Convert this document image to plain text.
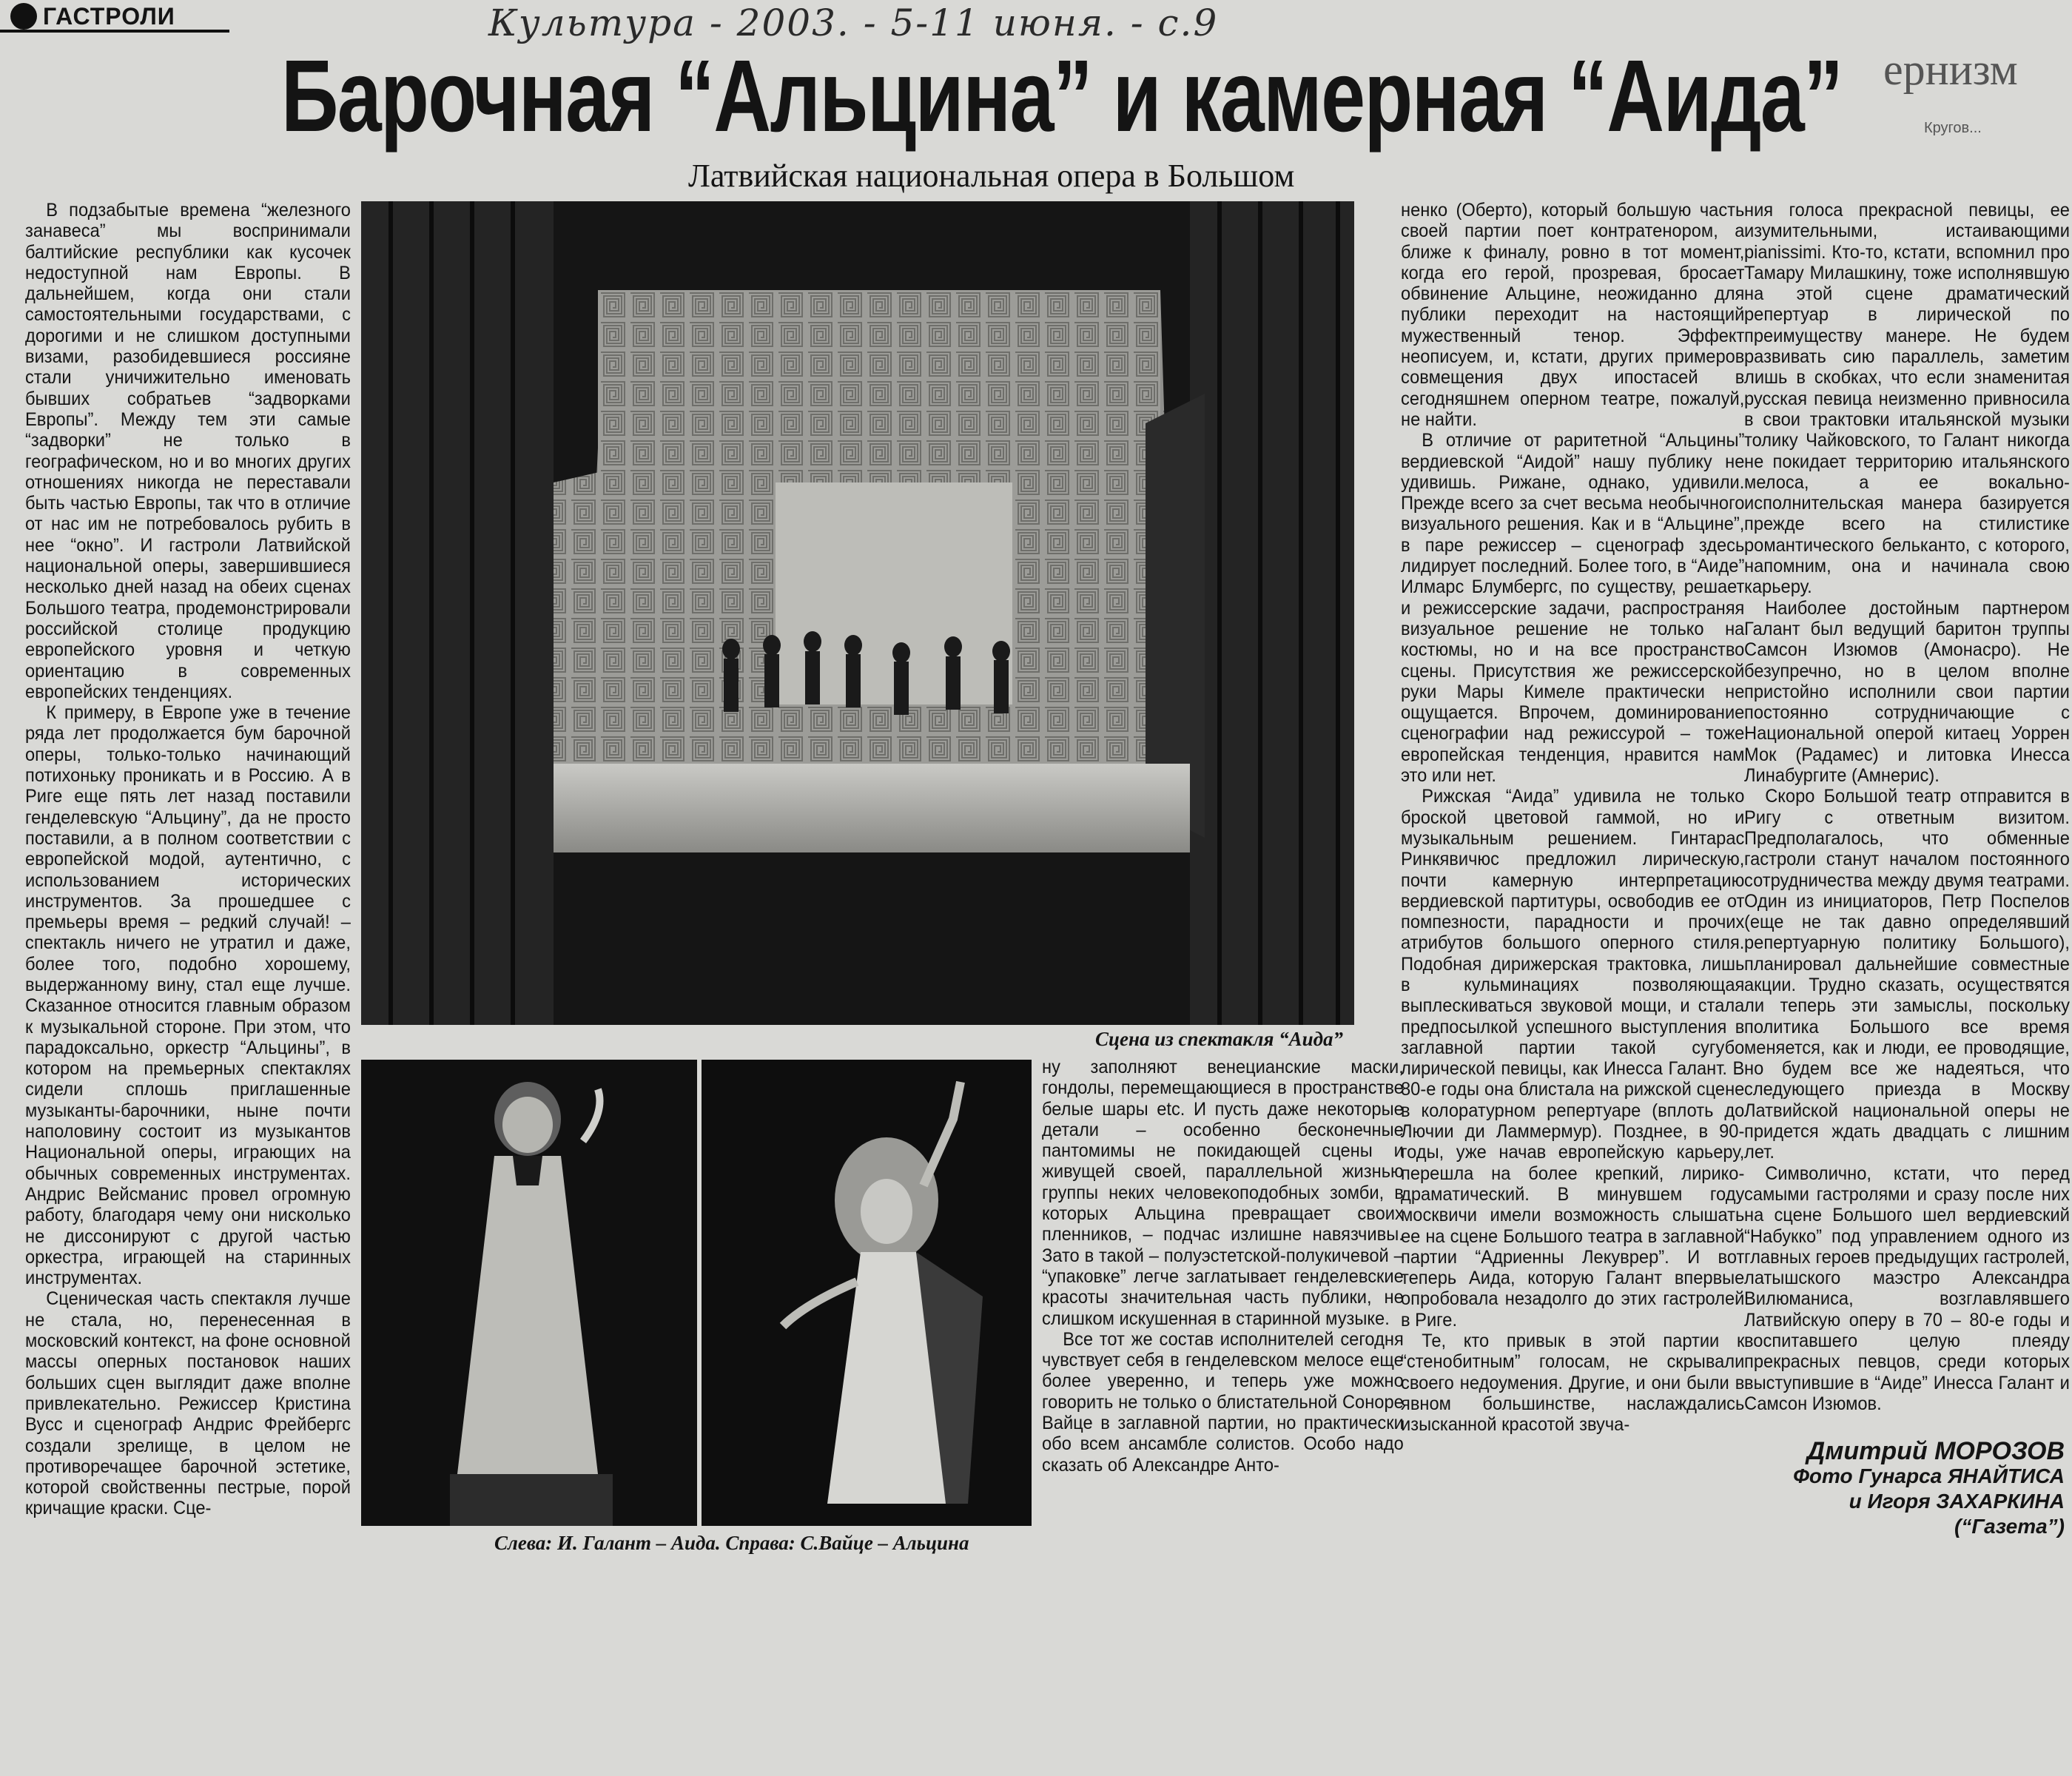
ГАСТРОЛИ	Культура - 2003. - 5-11 июня. - с.9
ернизм
Кругов...
Барочная “Альцина” и камерная “Аида”
Латвийская национальная опера в Большом

В подзабытые времена “железного занавеса” мы воспринимали балтийские республики как кусочек недоступной нам Европы. В дальнейшем, когда они стали самостоятельными государствами, с дорогими и не слишком доступными визами, разобидевшиеся россияне стали уничижительно именовать бывших собратьев “задворками Европы”. Между тем эти самые “задворки” не только в географическом, но и во многих других отношениях никогда не переставали быть частью Европы, так что в отличие от нас им не потребовалось рубить в нее “окно”. И гастроли Латвийской национальной оперы, завершившиеся несколько дней назад на обеих сценах Большого театра, продемонстрировали российской столице продукцию европейского уровня и четкую ориентацию в современных европейских тенденциях.

К примеру, в Европе уже в течение ряда лет продолжается бум барочной оперы, только-только начинающий потихоньку проникать и в Россию. А в Риге еще пять лет назад поставили генделевскую “Альцину”, да не просто поставили, а в полном соответствии с европейской модой, аутентично, с использованием исторических инструментов. За прошедшее с премьеры время – редкий случай! – спектакль ничего не утратил и даже, более того, подобно хорошему, выдержанному вину, стал еще лучше. Сказанное относится главным образом к музыкальной стороне. При этом, что парадоксально, оркестр “Альцины”, в котором на премьерных спектаклях сидели сплошь приглашенные музыканты-барочники, ныне почти наполовину состоит из музыкантов Национальной оперы, играющих на обычных современных инструментах. Андрис Вейсманис провел огромную работу, благодаря чему они нисколько не диссонируют с другой частью оркестра, играющей на старинных инструментах.

Сценическая часть спектакля лучше не стала, но, перенесенная в московский контекст, на фоне основной массы оперных постановок наших больших сцен выглядит даже вполне привлекательно. Режиссер Кристина Вусс и сценограф Андрис Фрейбергс создали зрелище, в целом не противоречащее барочной эстетике, которой свойственны пестрые, порой кричащие краски. Сце-

Сцена из спектакля “Аида”
Слева: И. Галант – Аида. Справа: С.Вайце – Альцина

ну заполняют венецианские маски, гондолы, перемещающиеся в пространстве белые шары etc. И пусть даже некоторые детали – особенно бесконечные пантомимы не покидающей сцены и живущей своей, параллельной жизнью группы неких человекоподобных зомби, в которых Альцина превращает своих пленников, – подчас излишне навязчивы. Зато в такой – полуэстетской-полукичевой – “упаковке” легче заглатывает генделевские красоты значительная часть публики, не слишком искушенная в старинной музыке.

Все тот же состав исполнителей сегодня чувствует себя в генделевском мелосе еще более уверенно, и теперь уже можно говорить не только о блистательной Соноре Вайце в заглавной партии, но практически обо всем ансамбле солистов. Особо надо сказать об Александре Анто-

ненко (Оберто), который большую часть своей партии поет контратенором, а ближе к финалу, ровно в тот момент, когда его герой, прозревая, бросает обвинение Альцине, неожиданно для публики переходит на настоящий мужественный тенор. Эффект неописуем, и, кстати, других примеров совмещения двух ипостасей в сегодняшнем оперном театре, пожалуй, не найти.

В отличие от раритетной “Альцины” вердиевской “Аидой” нашу публику не удивишь. Рижане, однако, удивили. Прежде всего за счет весьма необычного визуального решения. Как и в “Альцине”, в паре режиссер – сценограф здесь лидирует последний. Более того, в “Аиде” Илмарс Блумбергс, по существу, решает и режиссерские задачи, распространяя визуальное решение не только на костюмы, но и на все пространство сцены. Присутствия же режиссерской руки Мары Кимеле практически не ощущается. Впрочем, доминирование сценографии над режиссурой – тоже европейская тенденция, нравится нам это или нет.

Рижская “Аида” удивила не только броской цветовой гаммой, но и музыкальным решением. Гинтарас Ринкявичюс предложил лирическую, почти камерную интерпретацию вердиевской партитуры, освободив ее от помпезности, парадности и прочих атрибутов большого оперного стиля. Подобная дирижерская трактовка, лишь в кульминациях позволяющая выплескиваться звуковой мощи, и стала предпосылкой успешного выступления в заглавной партии такой сугубо лирической певицы, как Инесса Галант. В 80-е годы она блистала на рижской сцене в колоратурном репертуаре (вплоть до Лючии ди Ламмермур). Позднее, в 90-годы, уже начав европейскую карьеру, перешла на более крепкий, лирико-драматический. В минувшем году москвичи имели возможность слышать ее на сцене Большого театра в заглавной партии “Адриенны Лекуврер”. И вот теперь Аида, которую Галант впервые опробовала незадолго до этих гастролей в Риге.

Те, кто привык в этой партии к “стенобитным” голосам, не скрывали своего недоумения. Другие, и они были в явном большинстве, наслаждались изысканной красотой звуча-

ния голоса прекрасной певицы, ее изумительными, истаивающими pianissimi. Кто-то, кстати, вспомнил про Тамару Милашкину, тоже исполнявшую на этой сцене драматический репертуар в лирической по преимуществу манере. Не будем развивать сию параллель, заметим лишь в скобках, что если знаменитая русская певица неизменно привносила в свои трактовки итальянской музыки толику Чайковского, то Галант никогда не покидает территорию итальянского мелоса, а ее вокально-исполнительская манера базируется прежде всего на стилистике романтического бельканто, с которого, напомним, она и начинала свою карьеру.

Наиболее достойным партнером Галант был ведущий баритон труппы Самсон Изюмов (Амонасро). Не безупречно, но в целом вполне пристойно исполнили свои партии постоянно сотрудничающие с Национальной оперой китаец Уоррен Мок (Радамес) и литовка Инесса Линабургите (Амнерис).

Скоро Большой театр отправится в Ригу с ответным визитом. Предполагалось, что обменные гастроли станут началом постоянного сотрудничества между двумя театрами. Один из инициаторов, Петр Поспелов (еще не так давно определявший репертуарную политику Большого), планировал дальнейшие совместные акции. Трудно сказать, осуществятся ли теперь эти замыслы, поскольку политика Большого все время меняется, как и люди, ее проводящие, но будем все же надеяться, что следующего приезда в Москву Латвийской национальной оперы не придется ждать двадцать с лишним лет.

Символично, кстати, что перед самыми гастролями и сразу после них на сцене Большого шел вердиевский “Набукко” под управлением одного из главных героев предыдущих гастролей, латышского маэстро Александра Вилюманиса, возглавлявшего Латвийскую оперу в 70 – 80-е годы и воспитавшего целую плеяду прекрасных певцов, среди которых выступившие в “Аиде” Инесса Галант и Самсон Изюмов.

Дмитрий МОРОЗОВ
Фото Гунарса ЯНАЙТИСА
и Игоря ЗАХАРКИНА
(“Газета”)
